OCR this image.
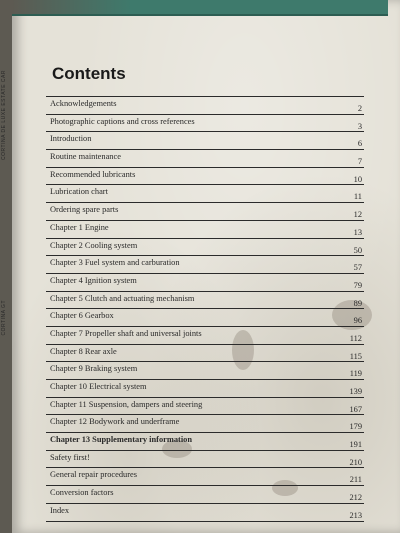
CORTINA DE LUXE ESTATE CAR
CORTINA GT
Contents
Acknowledgements
2
Photographic captions and cross references
3
Introduction
6
Routine maintenance
7
Recommended lubricants
10
Lubrication chart
11
Ordering spare parts
12
Chapter 1 Engine
13
Chapter 2 Cooling system
50
Chapter 3 Fuel system and carburation
57
Chapter 4 Ignition system
79
Chapter 5 Clutch and actuating mechanism
89
Chapter 6 Gearbox
96
Chapter 7 Propeller shaft and universal joints
112
Chapter 8 Rear axle
115
Chapter 9 Braking system
119
Chapter 10 Electrical system
139
Chapter 11 Suspension, dampers and steering
167
Chapter 12 Bodywork and underframe
179
Chapter 13 Supplementary information
191
Safety first!
210
General repair procedures
211
Conversion factors
212
Index
213
